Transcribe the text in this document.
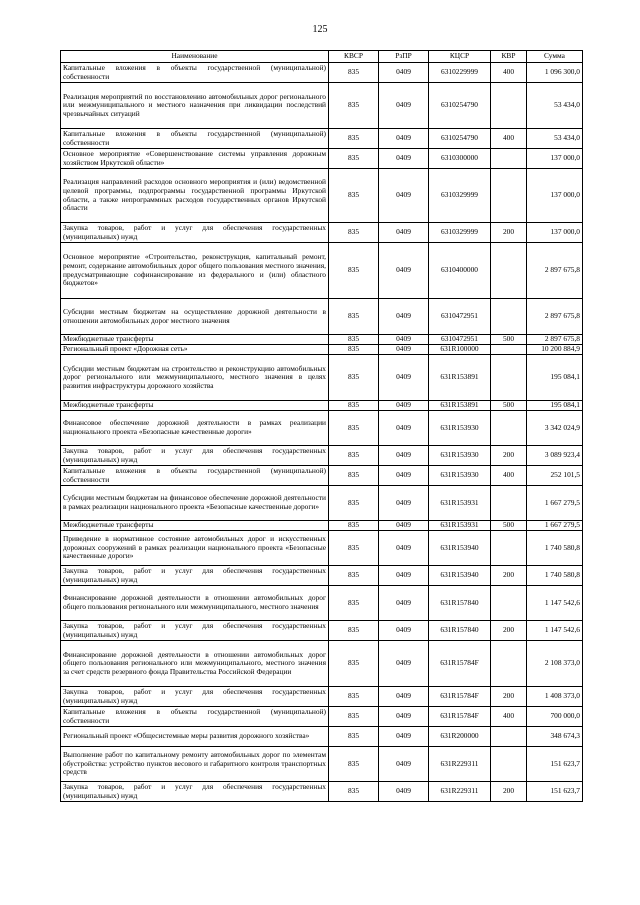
125
Наименование	КВСР	РзПР	КЦСР	КВР	Сумма
Капитальные вложения в объекты государственной (муниципальной) собственности	835	0409	6310229999	400	1 096 300,0
Реализация мероприятий по восстановлению автомобильных дорог регионального или межмуниципального и местного назначения при ликвидации последствий чрезвычайных ситуаций	835	0409	6310254790		53 434,0
Капитальные вложения в объекты государственной (муниципальной) собственности	835	0409	6310254790	400	53 434,0
Основное мероприятие «Совершенствование системы управления дорожным хозяйством Иркутской области»	835	0409	6310300000		137 000,0
Реализация направлений расходов основного мероприятия и (или) ведомственной целевой программы, подпрограммы государственной программы Иркутской области, а также непрограммных расходов государственных органов Иркутской области	835	0409	6310329999		137 000,0
Закупка товаров, работ и услуг для обеспечения государственных (муниципальных) нужд	835	0409	6310329999	200	137 000,0
Основное мероприятие «Строительство, реконструкция, капитальный ремонт, ремонт, содержание автомобильных дорог общего пользования местного значения, предусматривающие софинансирование из федерального и (или) областного бюджетов»	835	0409	6310400000		2 897 675,8
Субсидии местным бюджетам на осуществление дорожной деятельности в отношении автомобильных дорог местного значения	835	0409	6310472951		2 897 675,8
Межбюджетные трансферты	835	0409	6310472951	500	2 897 675,8
Региональный проект «Дорожная сеть»	835	0409	631R100000		10 200 884,9
Субсидии местным бюджетам на строительство и реконструкцию автомобильных дорог регионального или межмуниципального, местного значения в целях развития инфраструктуры дорожного хозяйства	835	0409	631R153891		195 084,1
Межбюджетные трансферты	835	0409	631R153891	500	195 084,1
Финансовое обеспечение дорожной деятельности в рамках реализации национального проекта «Безопасные качественные дороги»	835	0409	631R153930		3 342 024,9
Закупка товаров, работ и услуг для обеспечения государственных (муниципальных) нужд	835	0409	631R153930	200	3 089 923,4
Капитальные вложения в объекты государственной (муниципальной) собственности	835	0409	631R153930	400	252 101,5
Субсидии местным бюджетам на финансовое обеспечение дорожной деятельности в рамках реализации национального проекта «Безопасные качественные дороги»	835	0409	631R153931		1 667 279,5
Межбюджетные трансферты	835	0409	631R153931	500	1 667 279,5
Приведение в нормативное состояние автомобильных дорог и искусственных дорожных сооружений в рамках реализации национального проекта «Безопасные качественные дороги»	835	0409	631R153940		1 740 580,8
Закупка товаров, работ и услуг для обеспечения государственных (муниципальных) нужд	835	0409	631R153940	200	1 740 580,8
Финансирование дорожной деятельности в отношении автомобильных дорог общего пользования регионального или межмуниципального, местного значения	835	0409	631R157840		1 147 542,6
Закупка товаров, работ и услуг для обеспечения государственных (муниципальных) нужд	835	0409	631R157840	200	1 147 542,6
Финансирование дорожной деятельности в отношении автомобильных дорог общего пользования регионального или межмуниципального, местного значения за счет средств резервного фонда Правительства Российской Федерации	835	0409	631R15784F		2 108 373,0
Закупка товаров, работ и услуг для обеспечения государственных (муниципальных) нужд	835	0409	631R15784F	200	1 408 373,0
Капитальные вложения в объекты государственной (муниципальной) собственности	835	0409	631R15784F	400	700 000,0
Региональный проект «Общесистемные меры развития дорожного хозяйства»	835	0409	631R200000		348 674,3
Выполнение работ по капитальному ремонту автомобильных дорог по элементам обустройства: устройство пунктов весового и габаритного контроля транспортных средств	835	0409	631R229311		151 623,7
Закупка товаров, работ и услуг для обеспечения государственных (муниципальных) нужд	835	0409	631R229311	200	151 623,7
